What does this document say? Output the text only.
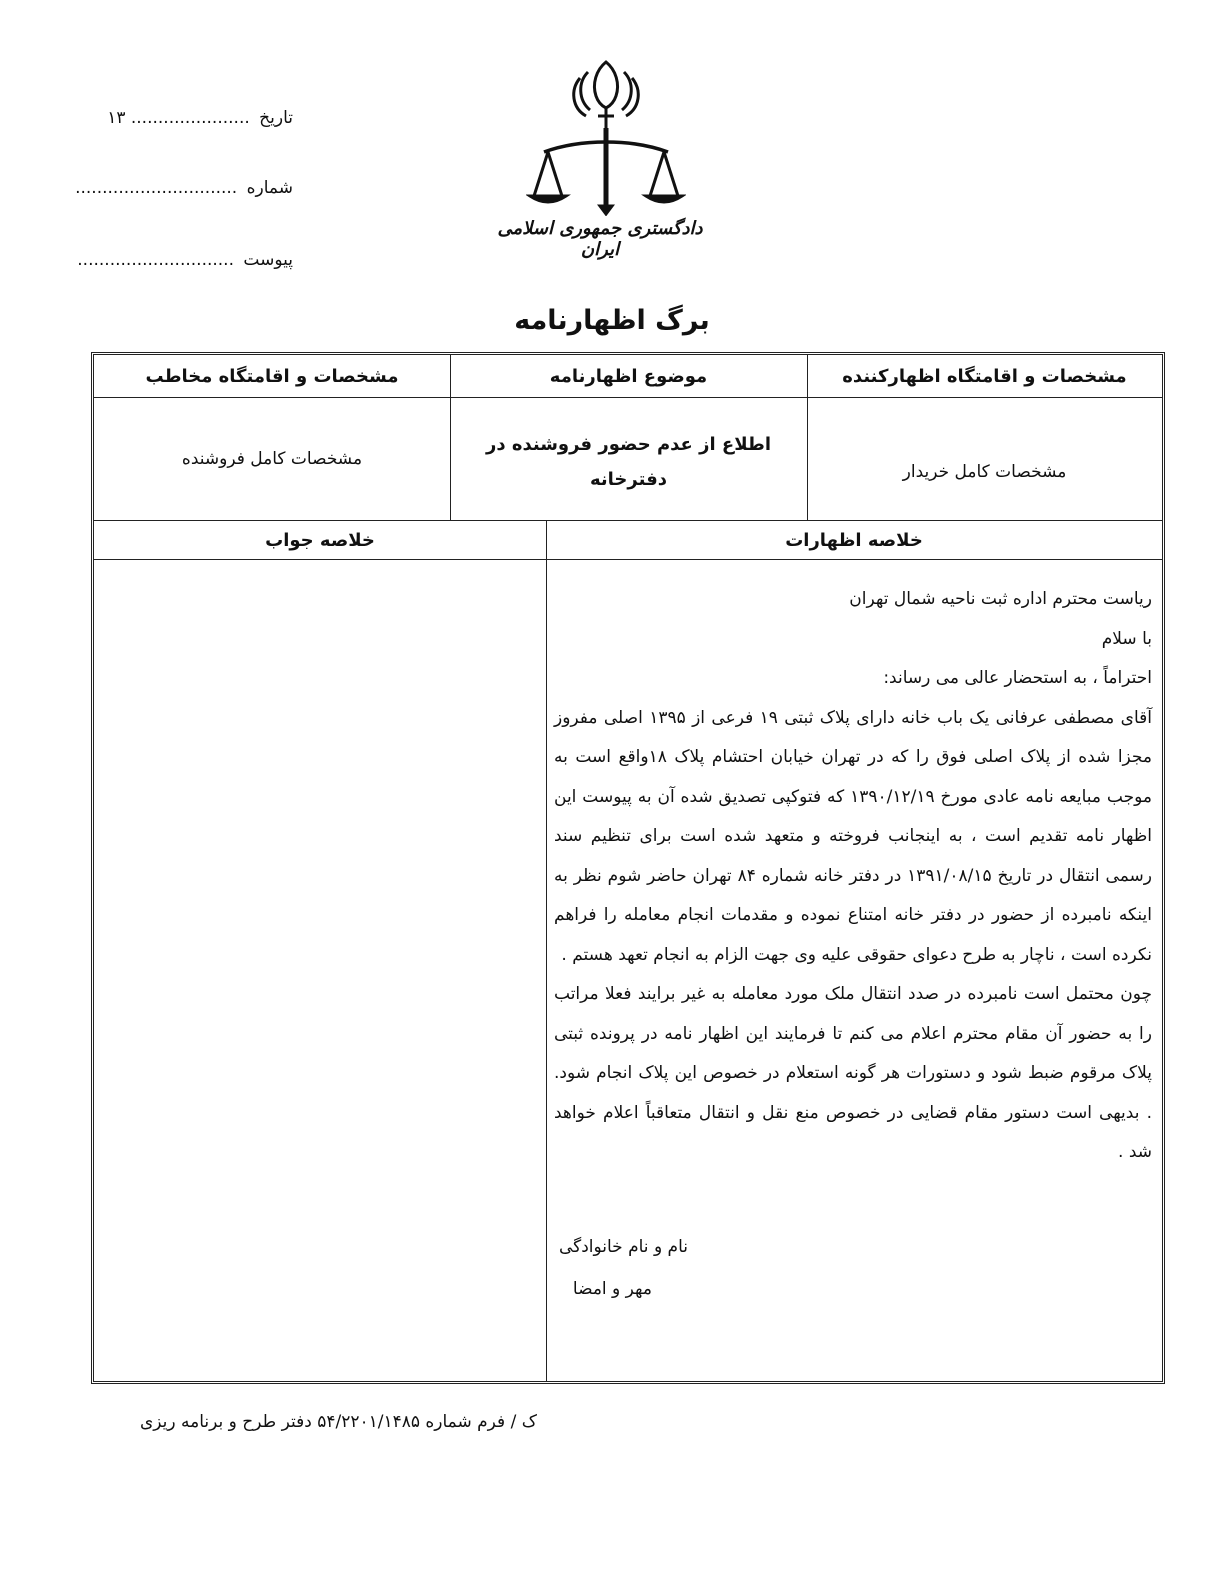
تاریخ ...................... ۱۳
شماره ..............................
پیوست .............................
دادگستری جمهوری اسلامی ایران
برگ اظهارنامه
مشخصات و اقامتگاه اظهارکننده
موضوع اظهارنامه
مشخصات و اقامتگاه مخاطب
مشخصات کامل خریدار
اطلاع از عدم حضور فروشنده در
دفترخانه
مشخصات کامل فروشنده
خلاصه اظهارات
خلاصه جواب

ریاست محترم اداره ثبت ناحیه شمال تهران

با سلام

احتراماً ، به استحضار عالی می رساند:

آقای مصطفی عرفانی یک باب خانه دارای پلاک ثبتی ۱۹ فرعی از ۱۳۹۵ اصلی مفروز مجزا شده از پلاک اصلی فوق را که در تهران خیابان احتشام پلاک ۱۸واقع است به موجب مبایعه نامه عادی مورخ ۱۳۹۰/۱۲/۱۹ که فتوکپی تصدیق شده آن به پیوست این اظهار نامه تقدیم است ، به اینجانب فروخته و متعهد شده است برای تنظیم سند رسمی انتقال در تاریخ ۱۳۹۱/۰۸/۱۵ در دفتر خانه شماره ۸۴ تهران حاضر شوم نظر به اینکه نامبرده از حضور در دفتر خانه امتناع نموده و مقدمات انجام معامله را فراهم نکرده است ، ناچار به طرح دعوای حقوقی علیه وی جهت الزام به انجام تعهد هستم .

چون محتمل است نامبرده در صدد انتقال ملک مورد معامله به غیر برایند فعلا مراتب را به حضور آن مقام محترم اعلام می کنم تا فرمایند این اظهار نامه در پرونده ثبتی پلاک مرقوم ضبط شود و دستورات هر گونه استعلام در خصوص این پلاک انجام شود. . بدیهی است دستور مقام قضایی در خصوص منع نقل و انتقال متعاقباً اعلام خواهد شد .

نام و نام خانوادگی
مهر و امضا
ک / فرم شماره ۵۴/۲۲۰۱/۱۴۸۵ دفتر طرح و برنامه ریزی
